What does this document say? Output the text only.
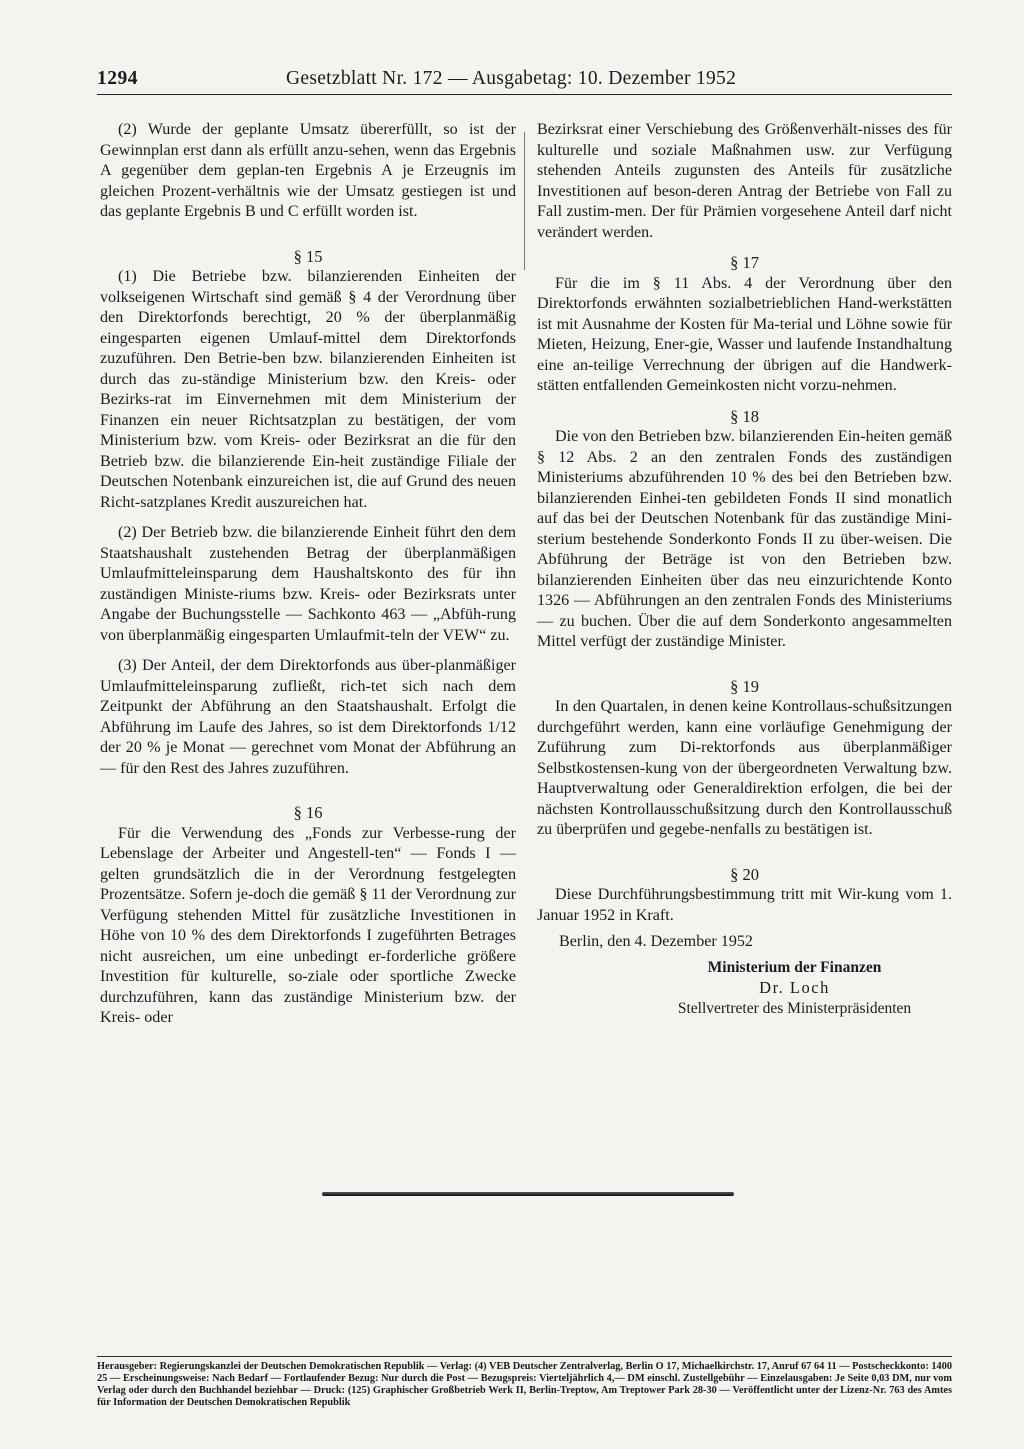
1294	Gesetzblatt Nr. 172 — Ausgabetag: 10. Dezember 1952

(2) Wurde der geplante Umsatz übererfüllt, so ist der Gewinnplan erst dann als erfüllt anzu-sehen, wenn das Ergebnis A gegenüber dem geplan-ten Ergebnis A je Erzeugnis im gleichen Prozent-verhältnis wie der Umsatz gestiegen ist und das geplante Ergebnis B und C erfüllt worden ist.

§ 15

(1) Die Betriebe bzw. bilanzierenden Einheiten der volkseigenen Wirtschaft sind gemäß § 4 der Verordnung über den Direktorfonds berechtigt, 20 % der überplanmäßig eingesparten eigenen Umlauf-mittel dem Direktorfonds zuzuführen. Den Betrie-ben bzw. bilanzierenden Einheiten ist durch das zu-ständige Ministerium bzw. den Kreis- oder Bezirks-rat im Einvernehmen mit dem Ministerium der Finanzen ein neuer Richtsatzplan zu bestätigen, der vom Ministerium bzw. vom Kreis- oder Bezirksrat an die für den Betrieb bzw. die bilanzierende Ein-heit zuständige Filiale der Deutschen Notenbank einzureichen ist, die auf Grund des neuen Richt-satzplanes Kredit auszureichen hat.

(2) Der Betrieb bzw. die bilanzierende Einheit führt den dem Staatshaushalt zustehenden Betrag der überplanmäßigen Umlaufmitteleinsparung dem Haushaltskonto des für ihn zuständigen Ministe-riums bzw. Kreis- oder Bezirksrats unter Angabe der Buchungsstelle — Sachkonto 463 — „Abfüh-rung von überplanmäßig eingesparten Umlaufmit-teln der VEW“ zu.

(3) Der Anteil, der dem Direktorfonds aus über-planmäßiger Umlaufmitteleinsparung zufließt, rich-tet sich nach dem Zeitpunkt der Abführung an den Staatshaushalt. Erfolgt die Abführung im Laufe des Jahres, so ist dem Direktorfonds 1/12 der 20 % je Monat — gerechnet vom Monat der Abführung an — für den Rest des Jahres zuzuführen.

§ 16

Für die Verwendung des „Fonds zur Verbesse-rung der Lebenslage der Arbeiter und Angestell-ten“ — Fonds I — gelten grundsätzlich die in der Verordnung festgelegten Prozentsätze. Sofern je-doch die gemäß § 11 der Verordnung zur Verfügung stehenden Mittel für zusätzliche Investitionen in Höhe von 10 % des dem Direktorfonds I zugeführten Betrages nicht ausreichen, um eine unbedingt er-forderliche größere Investition für kulturelle, so-ziale oder sportliche Zwecke durchzuführen, kann das zuständige Ministerium bzw. der Kreis- oder

Bezirksrat einer Verschiebung des Größenverhält-nisses des für kulturelle und soziale Maßnahmen usw. zur Verfügung stehenden Anteils zugunsten des Anteils für zusätzliche Investitionen auf beson-deren Antrag der Betriebe von Fall zu Fall zustim-men. Der für Prämien vorgesehene Anteil darf nicht verändert werden.

§ 17

Für die im § 11 Abs. 4 der Verordnung über den Direktorfonds erwähnten sozialbetrieblichen Hand-werkstätten ist mit Ausnahme der Kosten für Ma-terial und Löhne sowie für Mieten, Heizung, Ener-gie, Wasser und laufende Instandhaltung eine an-teilige Verrechnung der übrigen auf die Handwerk-stätten entfallenden Gemeinkosten nicht vorzu-nehmen.

§ 18

Die von den Betrieben bzw. bilanzierenden Ein-heiten gemäß § 12 Abs. 2 an den zentralen Fonds des zuständigen Ministeriums abzuführenden 10 % des bei den Betrieben bzw. bilanzierenden Einhei-ten gebildeten Fonds II sind monatlich auf das bei der Deutschen Notenbank für das zuständige Mini-sterium bestehende Sonderkonto Fonds II zu über-weisen. Die Abführung der Beträge ist von den Betrieben bzw. bilanzierenden Einheiten über das neu einzurichtende Konto 1326 — Abführungen an den zentralen Fonds des Ministeriums — zu buchen. Über die auf dem Sonderkonto angesammelten Mittel verfügt der zuständige Minister.

§ 19

In den Quartalen, in denen keine Kontrollaus-schußsitzungen durchgeführt werden, kann eine vorläufige Genehmigung der Zuführung zum Di-rektorfonds aus überplanmäßiger Selbstkostensen-kung von der übergeordneten Verwaltung bzw. Hauptverwaltung oder Generaldirektion erfolgen, die bei der nächsten Kontrollausschußsitzung durch den Kontrollausschuß zu überprüfen und gegebe-nenfalls zu bestätigen ist.

§ 20

Diese Durchführungsbestimmung tritt mit Wir-kung vom 1. Januar 1952 in Kraft.

Berlin, den 4. Dezember 1952

Ministerium der Finanzen
Dr. Loch
Stellvertreter des Ministerpräsidenten
Herausgeber: Regierungskanzlei der Deutschen Demokratischen Republik — Verlag: (4) VEB Deutscher Zentralverlag, Berlin O 17, Michaelkirchstr. 17, Anruf 67 64 11 — Postscheckkonto: 1400 25 — Erscheinungsweise: Nach Bedarf — Fortlaufender Bezug: Nur durch die Post — Bezugspreis: Vierteljährlich 4,— DM einschl. Zustellgebühr — Einzelausgaben: Je Seite 0,03 DM, nur vom Verlag oder durch den Buchhandel beziehbar — Druck: (125) Graphischer Großbetrieb Werk II, Berlin-Treptow, Am Treptower Park 28-30 — Veröffentlicht unter der Lizenz-Nr. 763 des Amtes für Information der Deutschen Demokratischen Republik
